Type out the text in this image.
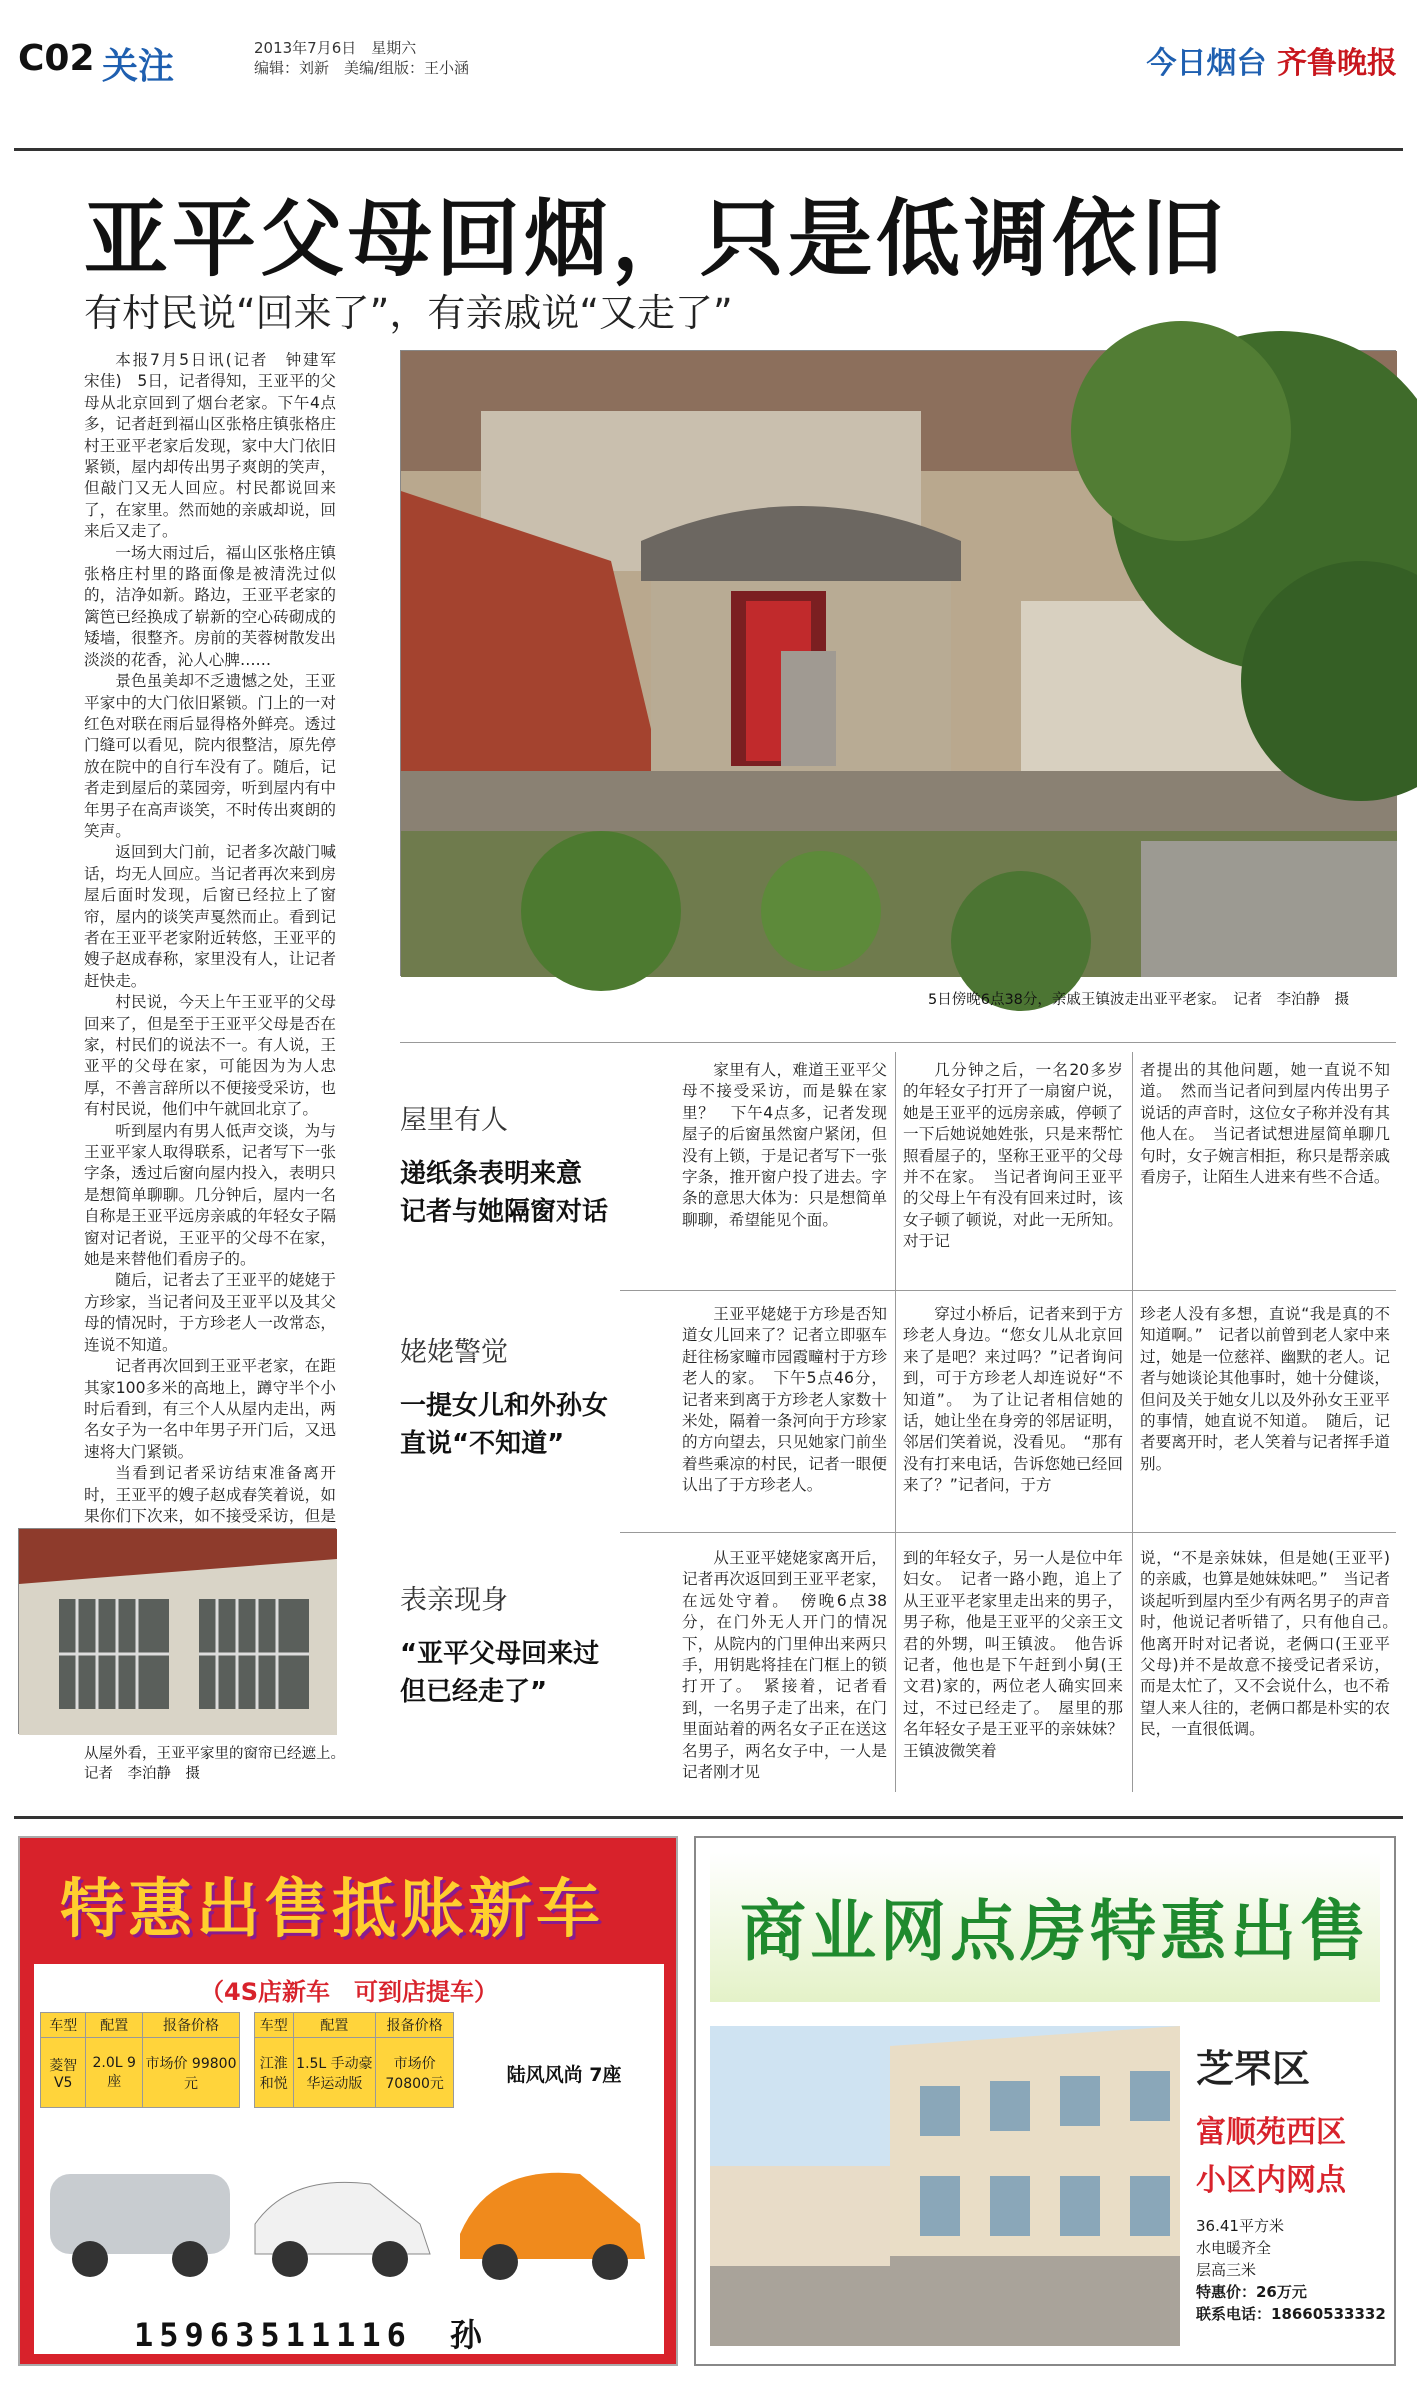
C02 关注	2013年7月6日　星期六
编辑：刘新　美编/组版：王小涵	今日烟台 齐鲁晚报
亚平父母回烟，只是低调依旧
有村民说“回来了”，有亲戚说“又走了”

本报7月5日讯(记者　钟建军　宋佳)　5日，记者得知，王亚平的父母从北京回到了烟台老家。下午4点多，记者赶到福山区张格庄镇张格庄村王亚平老家后发现，家中大门依旧紧锁，屋内却传出男子爽朗的笑声，但敲门又无人回应。村民都说回来了，在家里。然而她的亲戚却说，回来后又走了。

一场大雨过后，福山区张格庄镇张格庄村里的路面像是被清洗过似的，洁净如新。路边，王亚平老家的篱笆已经换成了崭新的空心砖砌成的矮墙，很整齐。房前的芙蓉树散发出淡淡的花香，沁人心脾……

景色虽美却不乏遗憾之处，王亚平家中的大门依旧紧锁。门上的一对红色对联在雨后显得格外鲜亮。透过门缝可以看见，院内很整洁，原先停放在院中的自行车没有了。随后，记者走到屋后的菜园旁，听到屋内有中年男子在高声谈笑，不时传出爽朗的笑声。

返回到大门前，记者多次敲门喊话，均无人回应。当记者再次来到房屋后面时发现，后窗已经拉上了窗帘，屋内的谈笑声戛然而止。看到记者在王亚平老家附近转悠，王亚平的嫂子赵成春称，家里没有人，让记者赶快走。

村民说，今天上午王亚平的父母回来了，但是至于王亚平父母是否在家，村民们的说法不一。有人说，王亚平的父母在家，可能因为为人忠厚，不善言辞所以不便接受采访，也有村民说，他们中午就回北京了。

听到屋内有男人低声交谈，为与王亚平家人取得联系，记者写下一张字条，透过后窗向屋内投入，表明只是想简单聊聊。几分钟后，屋内一名自称是王亚平远房亲戚的年轻女子隔窗对记者说，王亚平的父母不在家，她是来替他们看房子的。

随后，记者去了王亚平的姥姥于方珍家，当记者问及王亚平以及其父母的情况时，于方珍老人一改常态，连说不知道。

记者再次回到王亚平老家，在距其家100多米的高地上，蹲守半个小时后看到，有三个人从屋内走出，两名女子为一名中年男子开门后，又迅速将大门紧锁。

当看到记者采访结束准备离开时，王亚平的嫂子赵成春笑着说，如果你们下次来，如不接受采访，但是

5日傍晚6点38分，亲戚王镇波走出亚平老家。　记者　李泊静　摄
屋里有人
递纸条表明来意
记者与她隔窗对话
家里有人，难道王亚平父母不接受采访，而是躲在家里？　下午4点多，记者发现屋子的后窗虽然窗户紧闭，但没有上锁，于是记者写下一张字条，推开窗户投了进去。字条的意思大体为：只是想简单聊聊，希望能见个面。
几分钟之后，一名20多岁的年轻女子打开了一扇窗户说，她是王亚平的远房亲戚，停顿了一下后她说她姓张，只是来帮忙照看屋子的，坚称王亚平的父母并不在家。　当记者询问王亚平的父母上午有没有回来过时，该女子顿了顿说，对此一无所知。对于记
者提出的其他问题，她一直说不知道。　然而当记者问到屋内传出男子说话的声音时，这位女子称并没有其他人在。　当记者试想进屋简单聊几句时，女子婉言相拒，称只是帮亲戚看房子，让陌生人进来有些不合适。
姥姥警觉
一提女儿和外孙女
直说“不知道”
王亚平姥姥于方珍是否知道女儿回来了？记者立即驱车赶往杨家疃市园霞疃村于方珍老人的家。　下午5点46分，记者来到离于方珍老人家数十米处，隔着一条河向于方珍家的方向望去，只见她家门前坐着些乘凉的村民，记者一眼便认出了于方珍老人。
穿过小桥后，记者来到于方珍老人身边。“您女儿从北京回来了是吧？来过吗？”记者询问到，可于方珍老人却连说好“不知道”。　为了让记者相信她的话，她让坐在身旁的邻居证明，邻居们笑着说，没看见。　“那有没有打来电话，告诉您她已经回来了？”记者问，于方
珍老人没有多想，直说“我是真的不知道啊。”　记者以前曾到老人家中来过，她是一位慈祥、幽默的老人。记者与她谈论其他事时，她十分健谈，但问及关于她女儿以及外孙女王亚平的事情，她直说不知道。　随后，记者要离开时，老人笑着与记者挥手道别。
表亲现身
“亚平父母回来过
但已经走了”
从王亚平姥姥家离开后，记者再次返回到王亚平老家，在远处守着。　傍晚6点38分，在门外无人开门的情况下，从院内的门里伸出来两只手，用钥匙将挂在门框上的锁打开了。　紧接着，记者看到，一名男子走了出来，在门里面站着的两名女子正在送这名男子，两名女子中，一人是记者刚才见
到的年轻女子，另一人是位中年妇女。　记者一路小跑，追上了从王亚平老家里走出来的男子，男子称，他是王亚平的父亲王文君的外甥，叫王镇波。　他告诉记者，他也是下午赶到小舅(王文君)家的，两位老人确实回来过，不过已经走了。　屋里的那名年轻女子是王亚平的亲妹妹？王镇波微笑着
说，“不是亲妹妹，但是她(王亚平)的亲戚，也算是她妹妹吧。”　当记者谈起听到屋内至少有两名男子的声音时，他说记者听错了，只有他自己。　他离开时对记者说，老俩口(王亚平父母)并不是故意不接受记者采访，而是太忙了，又不会说什么，也不希望人来人往的，老俩口都是朴实的农民，一直很低调。
从屋外看，王亚平家里的窗帘已经遮上。　记者　李泊静　摄
特惠出售抵账新车
（4S店新车　可到店提车）
车型	配置	报备价格
菱智V5	2.0L 9座	市场价 99800元
车型	配置	报备价格
江淮和悦	1.5L 手动豪华运动版	市场价 70800元	陆风风尚 7座
15963511116　孙
商业网点房特惠出售
芝罘区
富顺苑西区
小区内网点
36.41平方米
水电暖齐全
层高三米
特惠价：26万元
联系电话：18660533332
